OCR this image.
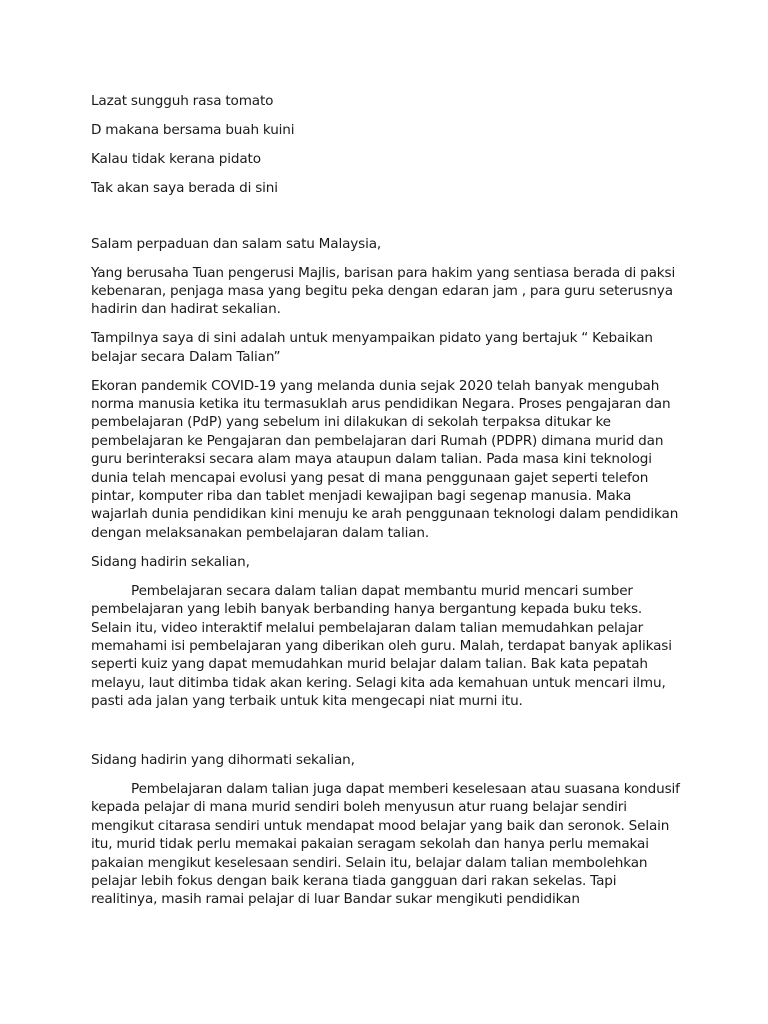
Lazat sungguh rasa tomato

D makana bersama buah kuini

Kalau tidak kerana pidato

Tak akan saya berada di sini

Salam perpaduan dan salam satu Malaysia,

Yang berusaha Tuan pengerusi Majlis, barisan para hakim yang sentiasa berada di paksi kebenaran, penjaga masa yang begitu peka dengan edaran jam , para guru seterusnya hadirin dan hadirat sekalian.

Tampilnya saya di sini adalah untuk menyampaikan pidato yang bertajuk “ Kebaikan belajar secara Dalam Talian”

Ekoran pandemik COVID-19 yang melanda dunia sejak 2020 telah banyak mengubah norma manusia ketika itu termasuklah arus pendidikan Negara. Proses pengajaran dan pembelajaran (PdP) yang sebelum ini dilakukan di sekolah terpaksa ditukar ke pembelajaran ke Pengajaran dan pembelajaran dari Rumah (PDPR) dimana murid dan guru berinteraksi secara alam maya ataupun dalam talian. Pada masa kini teknologi dunia telah mencapai evolusi yang pesat di mana penggunaan gajet seperti telefon pintar, komputer riba dan tablet menjadi kewajipan bagi segenap manusia. Maka wajarlah dunia pendidikan kini menuju ke arah penggunaan teknologi dalam pendidikan dengan melaksanakan pembelajaran dalam talian.

Sidang hadirin sekalian,

Pembelajaran secara dalam talian dapat membantu murid mencari sumber pembelajaran yang lebih banyak berbanding hanya bergantung kepada buku teks. Selain itu, video interaktif melalui pembelajaran dalam talian memudahkan pelajar memahami isi pembelajaran yang diberikan oleh guru. Malah, terdapat banyak aplikasi seperti kuiz yang dapat memudahkan murid belajar dalam talian. Bak kata pepatah melayu, laut ditimba tidak akan kering. Selagi kita ada kemahuan untuk mencari ilmu, pasti ada jalan yang terbaik untuk kita mengecapi niat murni itu.

Sidang hadirin yang dihormati sekalian,

Pembelajaran dalam talian juga dapat memberi keselesaan atau suasana kondusif kepada pelajar di mana murid sendiri boleh menyusun atur ruang belajar sendiri mengikut citarasa sendiri untuk mendapat mood belajar yang baik dan seronok. Selain itu, murid tidak perlu memakai pakaian seragam sekolah dan hanya perlu memakai pakaian mengikut keselesaan sendiri. Selain itu, belajar dalam talian membolehkan pelajar lebih fokus dengan baik kerana tiada gangguan dari rakan sekelas. Tapi realitinya, masih ramai pelajar di luar Bandar sukar mengikuti pendidikan
